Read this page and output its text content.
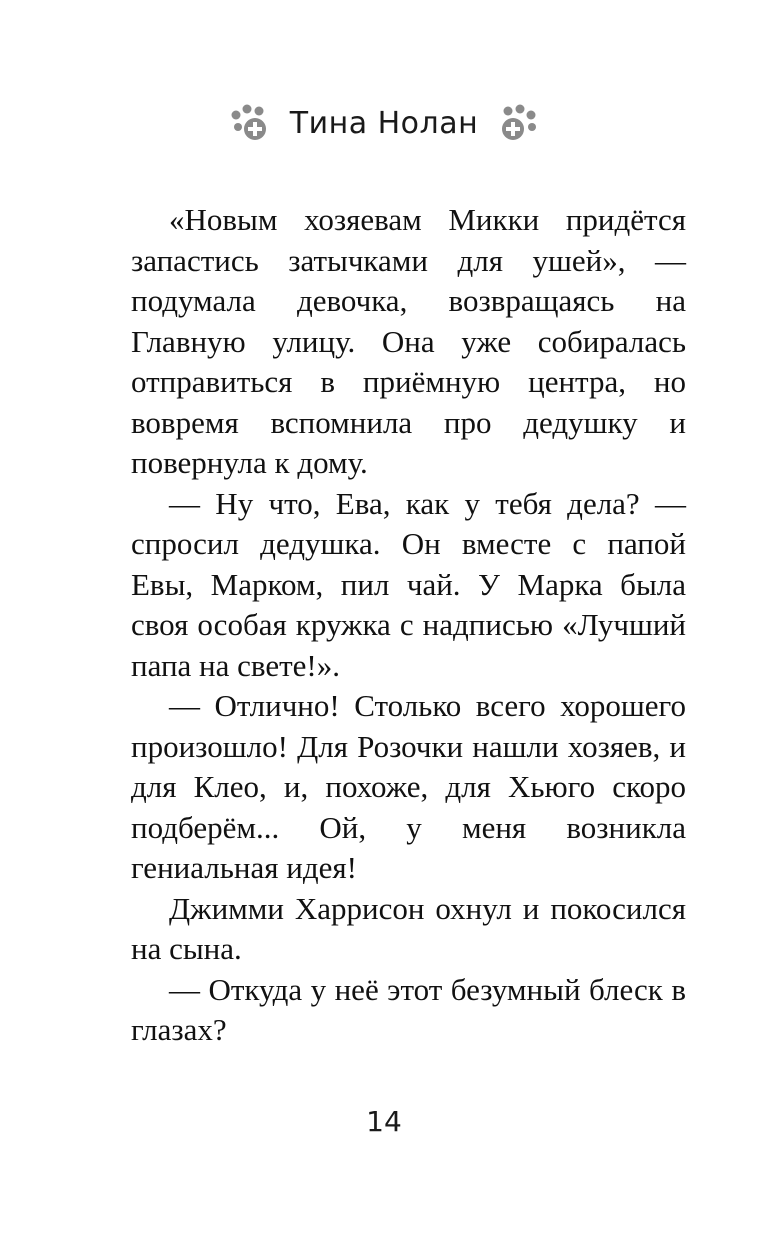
Тина Нолан

«Новым хозяевам Микки придётся запастись затычками для ушей», — подумала девочка, возвращаясь на Главную улицу. Она уже собиралась отправиться в приёмную центра, но вовремя вспомнила про дедушку и повернула к дому.

— Ну что, Ева, как у тебя дела? — спросил дедушка. Он вместе с папой Евы, Марком, пил чай. У Марка была своя особая кружка с надписью «Лучший папа на свете!».

— Отлично! Столько всего хорошего произошло! Для Розочки нашли хозяев, и для Клео, и, похоже, для Хьюго скоро подберём... Ой, у меня возникла гениальная идея!

Джимми Харрисон охнул и покосился на сына.

— Откуда у неё этот безумный блеск в глазах?

14
